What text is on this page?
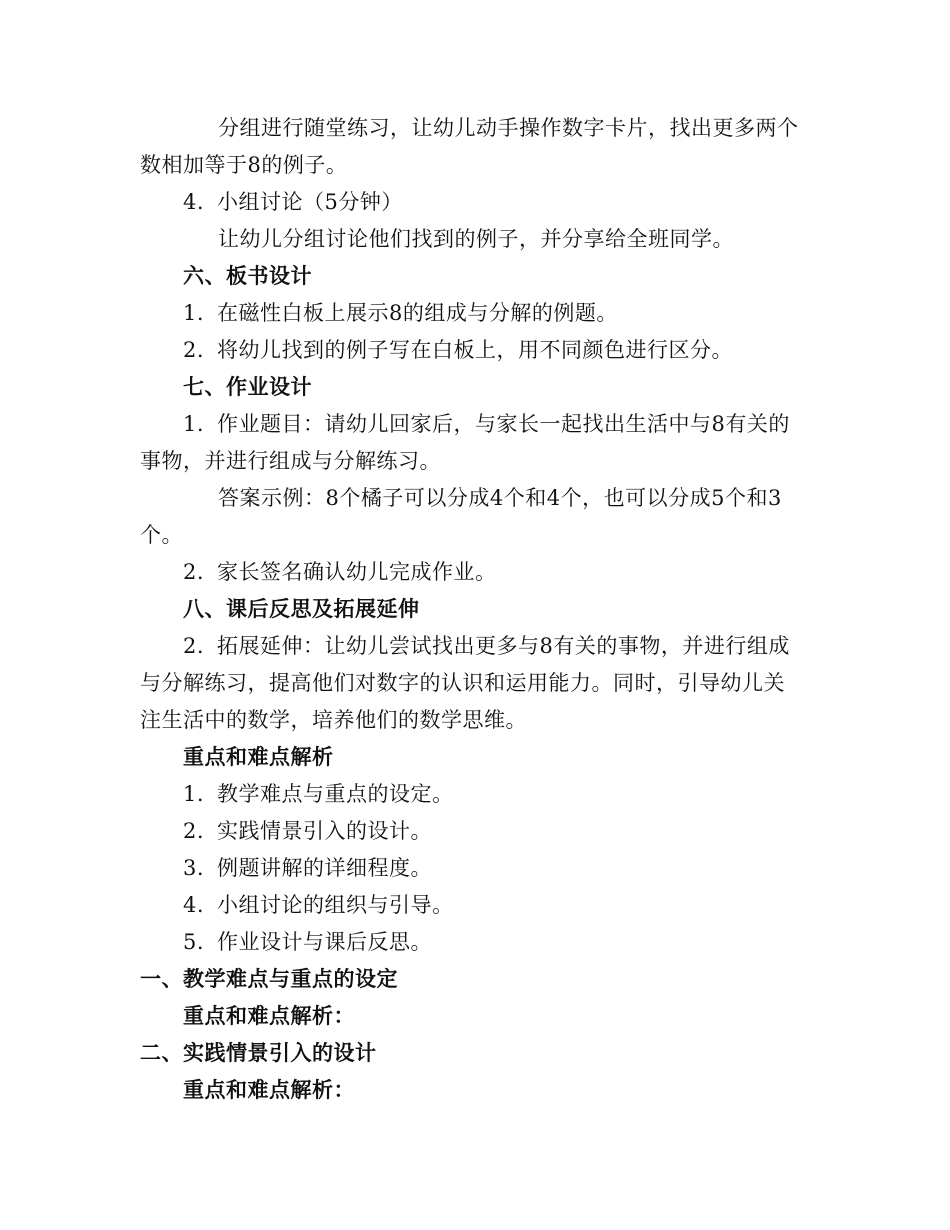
分组进行随堂练习，让幼儿动手操作数字卡片，找出更多两个
数相加等于8的例子。
4. 小组讨论（5分钟）
让幼儿分组讨论他们找到的例子，并分享给全班同学。
六、板书设计
1. 在磁性白板上展示8的组成与分解的例题。
2. 将幼儿找到的例子写在白板上，用不同颜色进行区分。
七、作业设计
1. 作业题目：请幼儿回家后，与家长一起找出生活中与8有关的
事物，并进行组成与分解练习。
答案示例：8个橘子可以分成4个和4个，也可以分成5个和3
个。
2. 家长签名确认幼儿完成作业。
八、课后反思及拓展延伸
2. 拓展延伸：让幼儿尝试找出更多与8有关的事物，并进行组成
与分解练习，提高他们对数字的认识和运用能力。同时，引导幼儿关
注生活中的数学，培养他们的数学思维。
重点和难点解析
1. 教学难点与重点的设定。
2. 实践情景引入的设计。
3. 例题讲解的详细程度。
4. 小组讨论的组织与引导。
5. 作业设计与课后反思。
一、教学难点与重点的设定
重点和难点解析：
二、实践情景引入的设计
重点和难点解析：
